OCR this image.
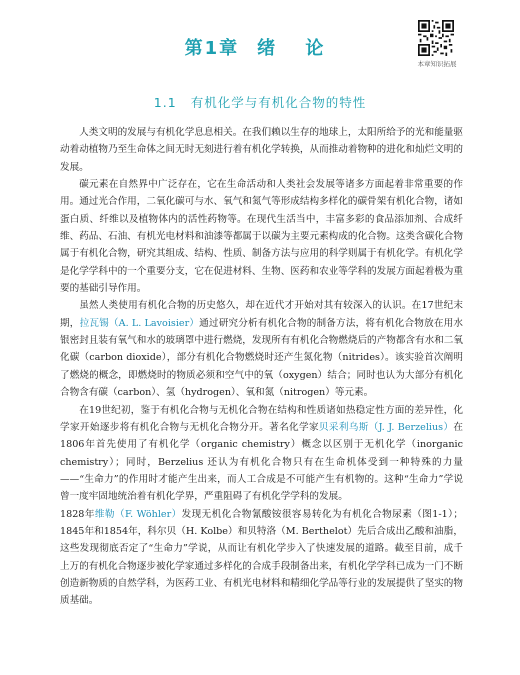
第1章 绪 论
本章知识拓展
1.1 有机化学与有机化合物的特性

人类文明的发展与有机化学息息相关。在我们赖以生存的地球上，太阳所给予的光和能量驱动着动植物乃至生命体之间无时无刻进行着有机化学转换，从而推动着物种的进化和灿烂文明的发展。

碳元素在自然界中广泛存在，它在生命活动和人类社会发展等诸多方面起着非常重要的作用。通过光合作用，二氧化碳可与水、氧气和氮气等形成结构多样化的碳骨架有机化合物，诸如蛋白质、纤维以及植物体内的活性药物等。在现代生活当中，丰富多彩的食品添加剂、合成纤维、药品、石油、有机光电材料和油漆等都属于以碳为主要元素构成的化合物。这类含碳化合物属于有机化合物，研究其组成、结构、性质、制备方法与应用的科学则属于有机化学。有机化学是化学学科中的一个重要分支，它在促进材料、生物、医药和农业等学科的发展方面起着极为重要的基础引导作用。

虽然人类使用有机化合物的历史悠久，却在近代才开始对其有较深入的认识。在17世纪末期，拉瓦锡（A. L. Lavoisier）通过研究分析有机化合物的制备方法，将有机化合物放在用水银密封且装有氧气和水的玻璃罩中进行燃烧，发现所有有机化合物燃烧后的产物都含有水和二氧化碳（carbon dioxide），部分有机化合物燃烧时还产生氮化物（nitrides）。该实验首次阐明了燃烧的概念，即燃烧时的物质必须和空气中的氧（oxygen）结合；同时也认为大部分有机化合物含有碳（carbon）、氢（hydrogen）、氧和氮（nitrogen）等元素。

在19世纪初，鉴于有机化合物与无机化合物在结构和性质诸如热稳定性方面的差异性，化学家开始逐步将有机化合物与无机化合物分开。著名化学家贝采利乌斯（J. J. Berzelius）在1806年首先使用了有机化学（organic chemistry）概念以区别于无机化学（inorganic chemistry）；同时，Berzelius 还认为有机化合物只有在生命机体受到一种特殊的力量——“生命力”的作用时才能产生出来，而人工合成是不可能产生有机物的。这种“生命力”学说曾一度牢固地统治着有机化学界，严重阻碍了有机化学学科的发展。

1828年维勒（F. Wöhler）发现无机化合物氰酸铵很容易转化为有机化合物尿素（图1-1）；1845年和1854年，科尔贝（H. Kolbe）和贝特洛（M. Berthelot）先后合成出乙酸和油脂，这些发现彻底否定了“生命力”学说，从而让有机化学步入了快速发展的道路。截至目前，成千上万的有机化合物逐步被化学家通过多样化的合成手段制备出来，有机化学学科已成为一门不断创造新物质的自然学科，为医药工业、有机光电材料和精细化学品等行业的发展提供了坚实的物质基础。
